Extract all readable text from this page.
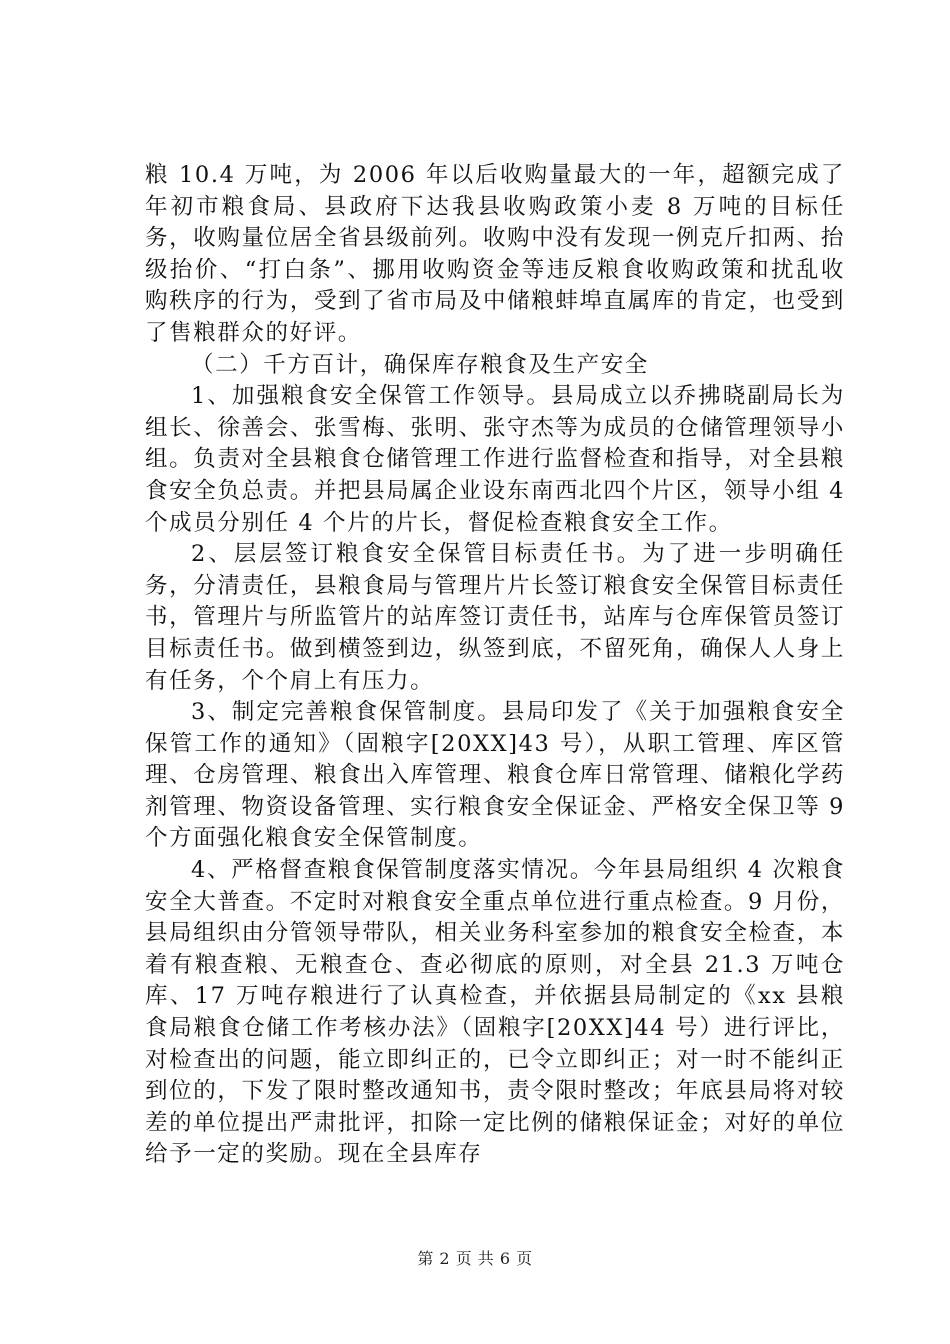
粮 10.4 万吨，为 2006 年以后收购量最大的一年，超额完成了年初市粮食局、县政府下达我县收购政策小麦 8 万吨的目标任务，收购量位居全省县级前列。收购中没有发现一例克斤扣两、抬级抬价、“打白条”、挪用收购资金等违反粮食收购政策和扰乱收购秩序的行为，受到了省市局及中储粮蚌埠直属库的肯定，也受到了售粮群众的好评。

（二）千方百计，确保库存粮食及生产安全

1、加强粮食安全保管工作领导。县局成立以乔拂晓副局长为组长、徐善会、张雪梅、张明、张守杰等为成员的仓储管理领导小组。负责对全县粮食仓储管理工作进行监督检查和指导，对全县粮食安全负总责。并把县局属企业设东南西北四个片区，领导小组 4 个成员分别任 4 个片的片长，督促检查粮食安全工作。

2、层层签订粮食安全保管目标责任书。为了进一步明确任务，分清责任，县粮食局与管理片片长签订粮食安全保管目标责任书，管理片与所监管片的站库签订责任书，站库与仓库保管员签订目标责任书。做到横签到边，纵签到底，不留死角，确保人人身上有任务，个个肩上有压力。

3、制定完善粮食保管制度。县局印发了《关于加强粮食安全保管工作的通知》（固粮字[20XX]43 号），从职工管理、库区管理、仓房管理、粮食出入库管理、粮食仓库日常管理、储粮化学药剂管理、物资设备管理、实行粮食安全保证金、严格安全保卫等 9 个方面强化粮食安全保管制度。

4、严格督查粮食保管制度落实情况。今年县局组织 4 次粮食安全大普查。不定时对粮食安全重点单位进行重点检查。9 月份，县局组织由分管领导带队，相关业务科室参加的粮食安全检查，本着有粮查粮、无粮查仓、查必彻底的原则，对全县 21.3 万吨仓库、17 万吨存粮进行了认真检查，并依据县局制定的《xx 县粮食局粮食仓储工作考核办法》（固粮字[20XX]44 号）进行评比，对检查出的问题，能立即纠正的，已令立即纠正；对一时不能纠正到位的，下发了限时整改通知书，责令限时整改；年底县局将对较差的单位提出严肃批评，扣除一定比例的储粮保证金；对好的单位给予一定的奖励。现在全县库存

第 2 页 共 6 页
